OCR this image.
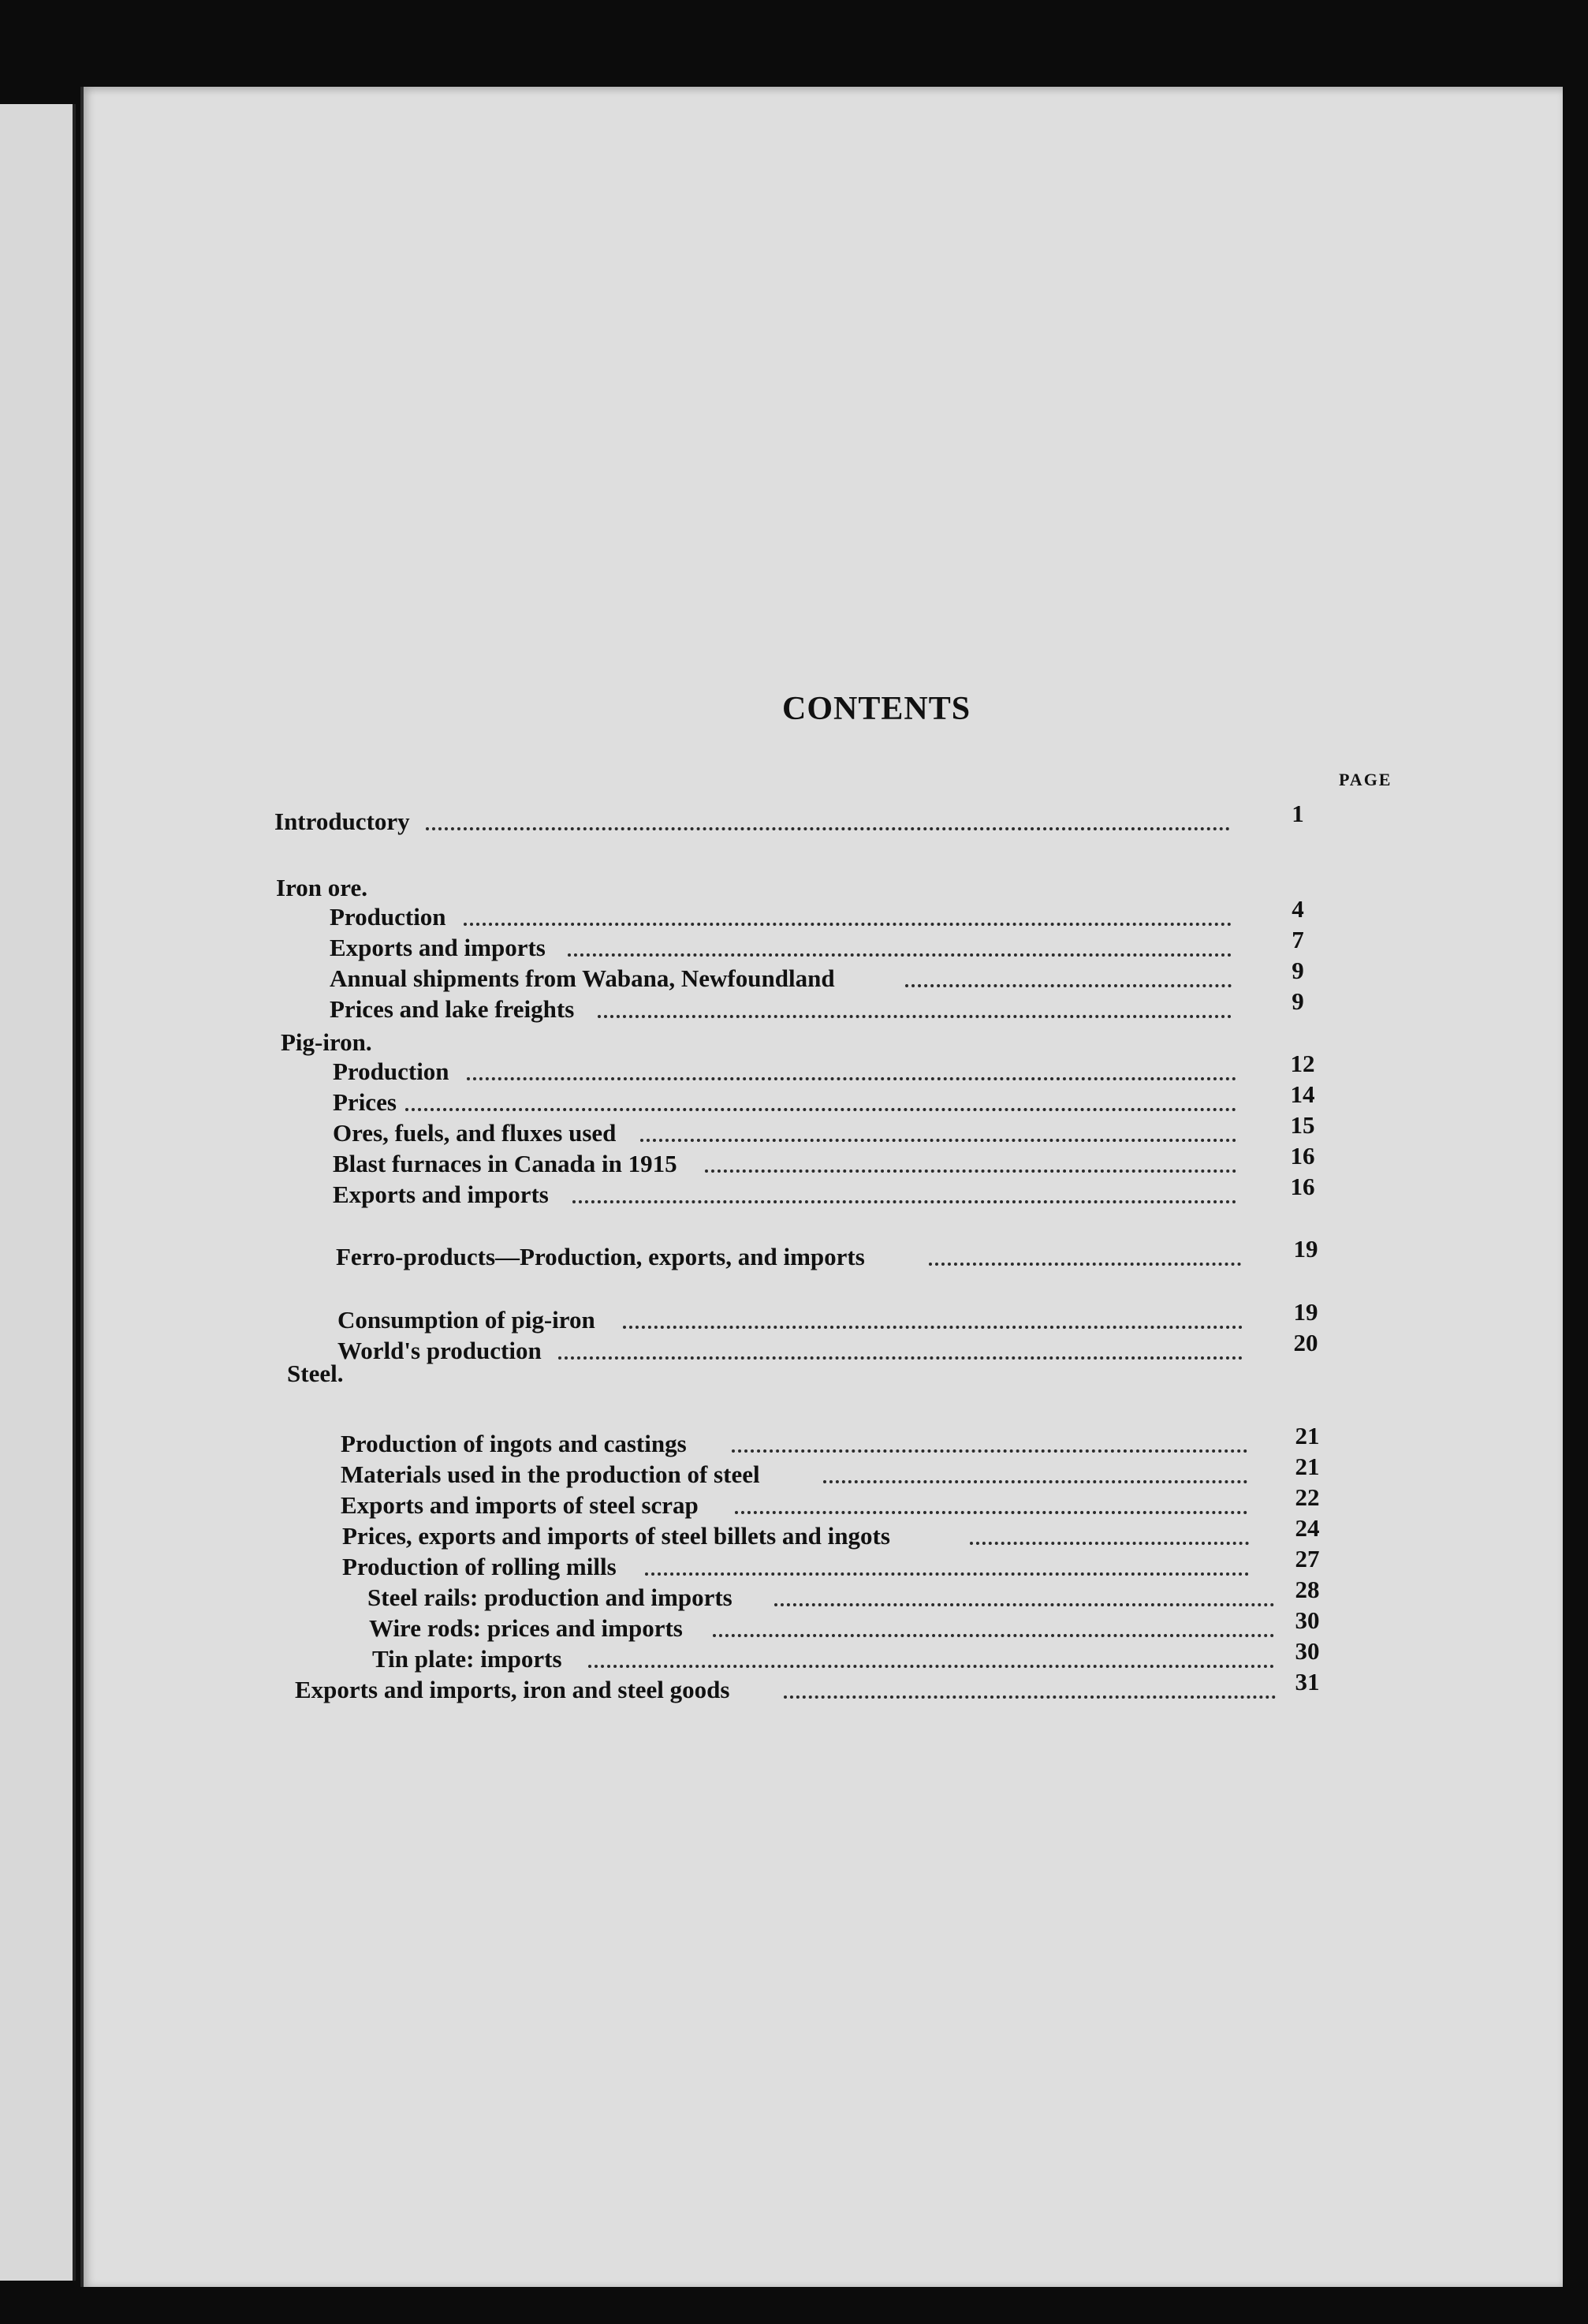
CONTENTS
PAGE
Introductory	1
Iron ore.
Production	4
Exports and imports	7
Annual shipments from Wabana, Newfoundland	9
Prices and lake freights	9
Pig-iron.
Production	12
Prices	14
Ores, fuels, and fluxes used	15
Blast furnaces in Canada in 1915	16
Exports and imports	16
Ferro-products—Production, exports, and imports	19
Consumption of pig-iron	19
World's production	20
Steel.
Production of ingots and castings	21
Materials used in the production of steel	21
Exports and imports of steel scrap	22
Prices, exports and imports of steel billets and ingots	24
Production of rolling mills	27
Steel rails: production and imports	28
Wire rods: prices and imports	30
Tin plate: imports	30
Exports and imports, iron and steel goods	31
